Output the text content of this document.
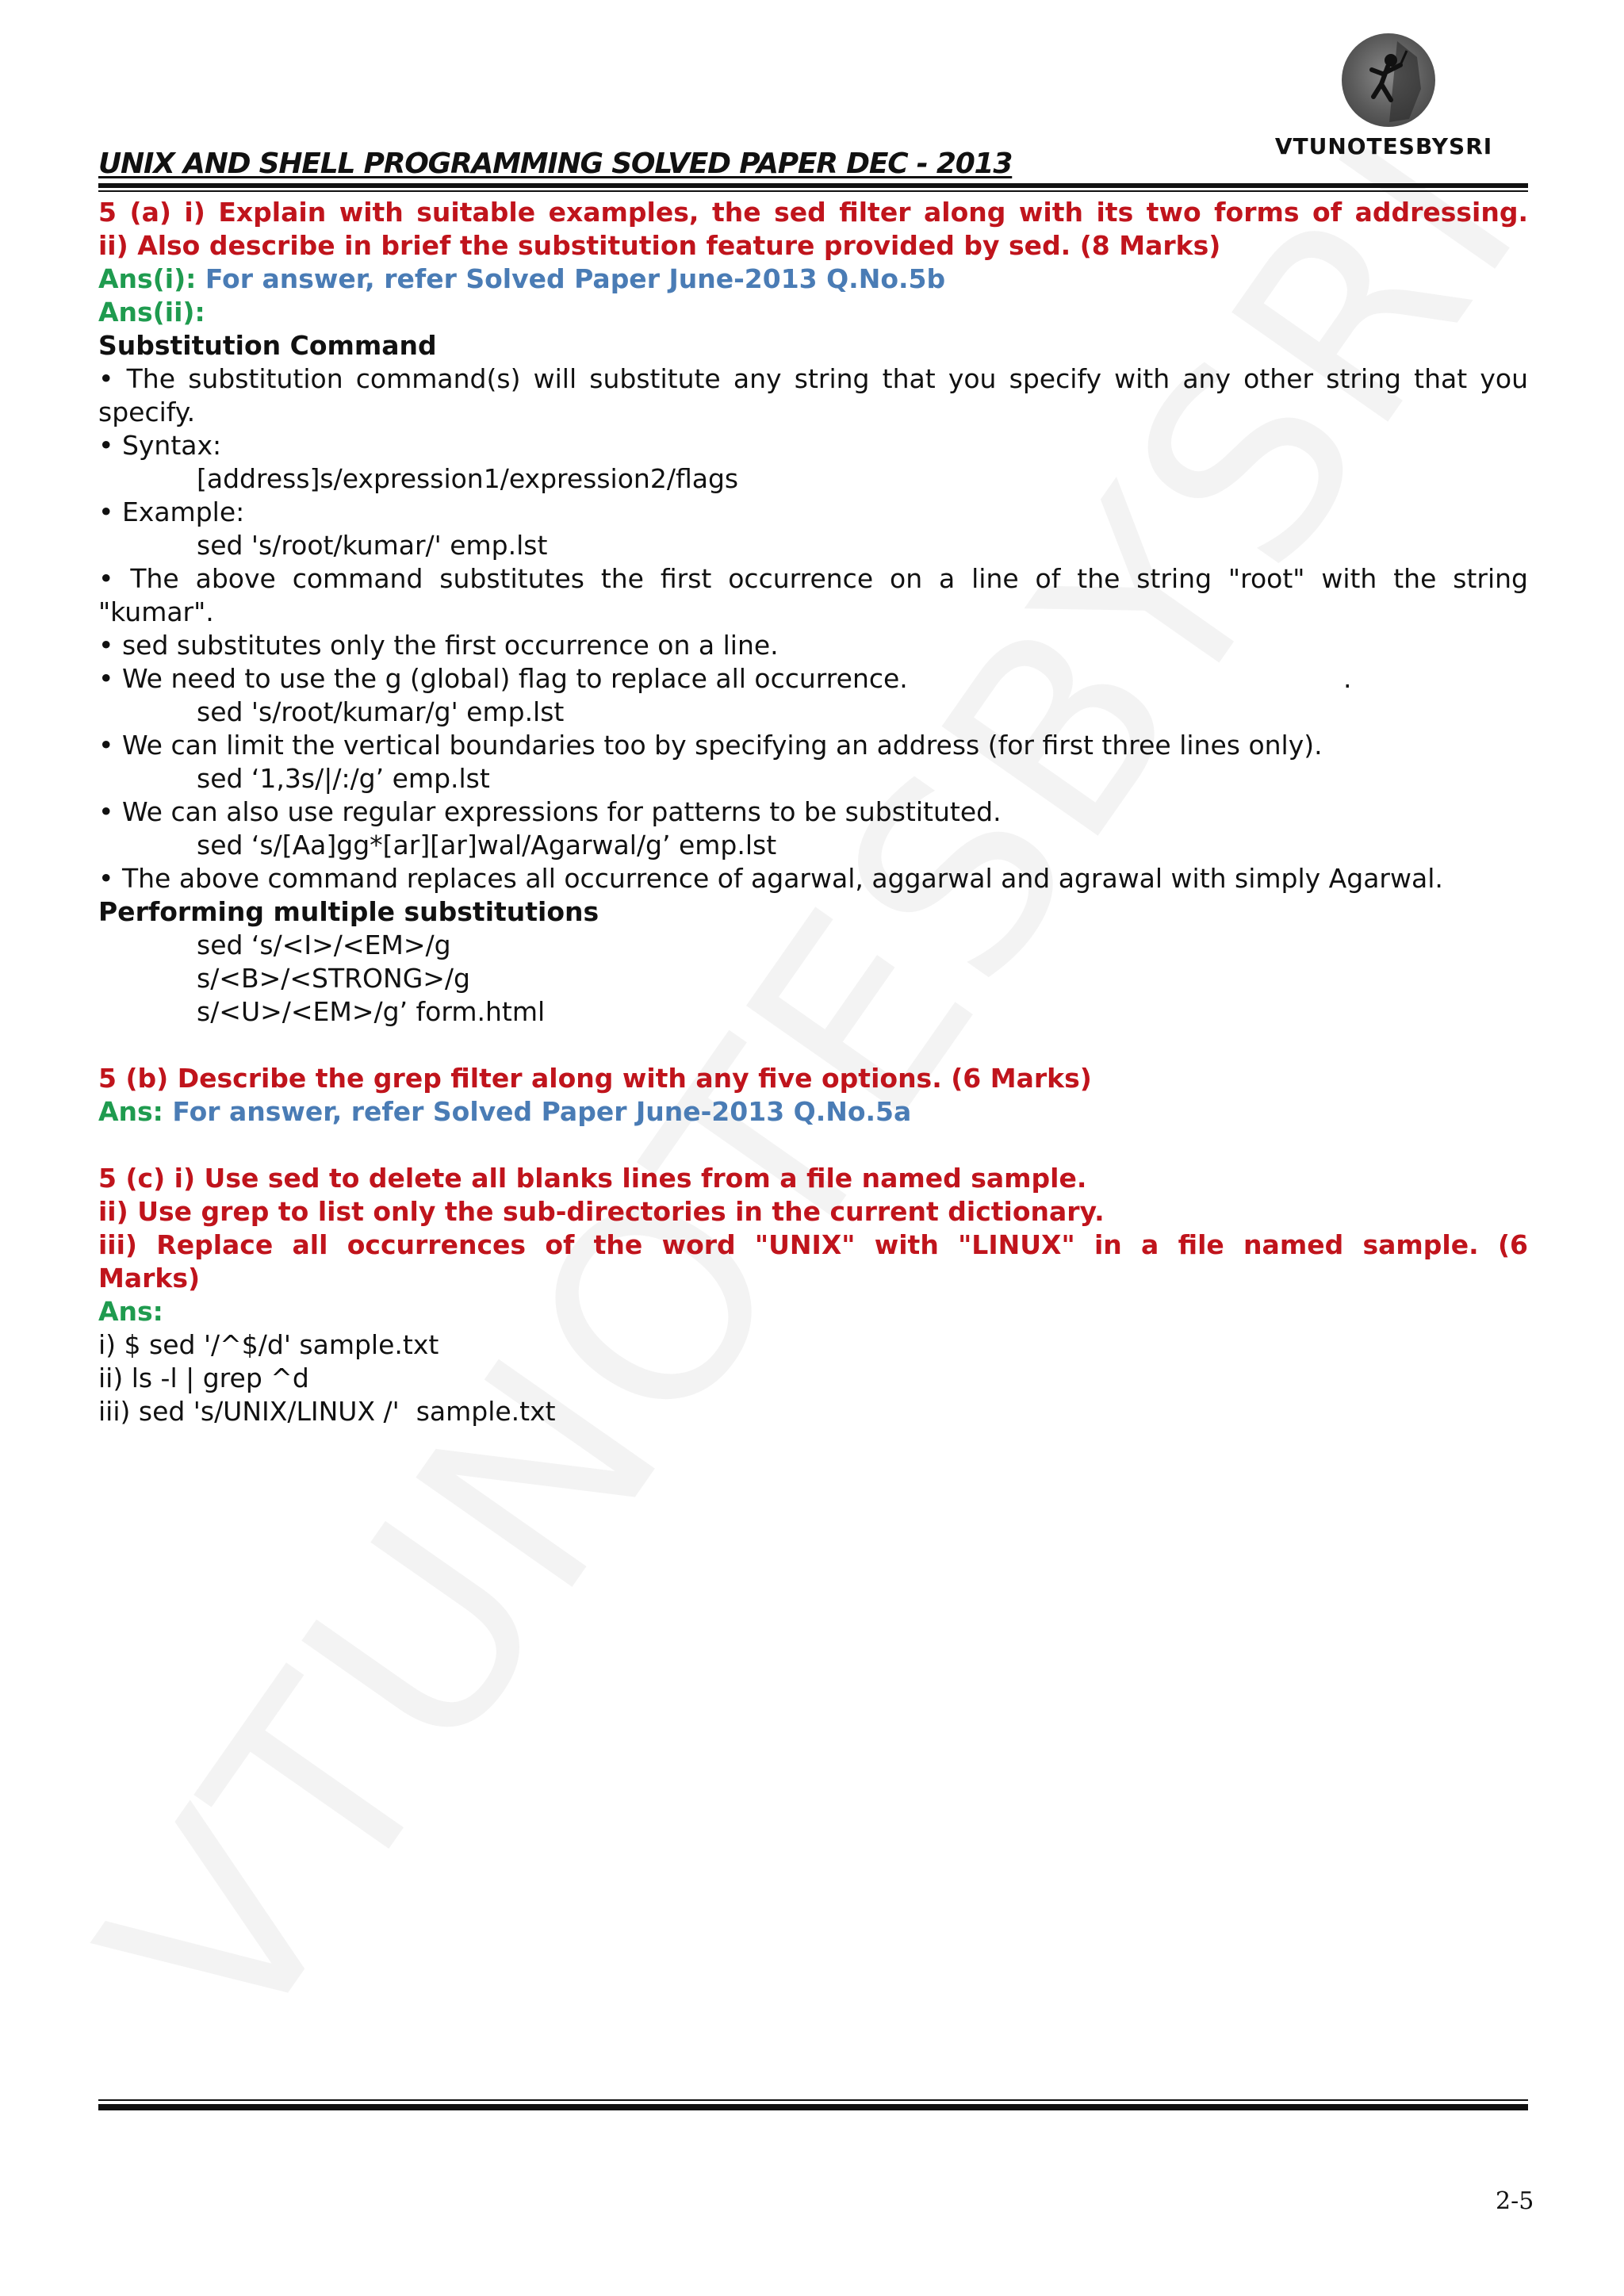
VTUNOTESBYSRI
UNIX AND SHELL PROGRAMMING SOLVED PAPER DEC - 2013
5 (a) i) Explain with suitable examples, the sed filter along with its two forms of addressing.
ii) Also describe in brief the substitution feature provided by sed. (8 Marks)
Ans(i): For answer, refer Solved Paper June-2013 Q.No.5b
Ans(ii):
Substitution Command
• The substitution command(s) will substitute any string that you specify with any other string that you
specify.
• Syntax:
[address]s/expression1/expression2/flags
• Example:
sed 's/root/kumar/' emp.lst
• The above command substitutes the first occurrence on a line of the string "root" with the string
"kumar".
• sed substitutes only the first occurrence on a line.
• We need to use the g (global) flag to replace all occurrence.	.
sed 's/root/kumar/g' emp.lst
• We can limit the vertical boundaries too by specifying an address (for first three lines only).
sed ‘1,3s/|/:/g’ emp.lst
• We can also use regular expressions for patterns to be substituted.
sed ‘s/[Aa]gg*[ar][ar]wal/Agarwal/g’ emp.lst
• The above command replaces all occurrence of agarwal, aggarwal and agrawal with simply Agarwal.
Performing multiple substitutions
sed ‘s/<I>/<EM>/g
s/<B>/<STRONG>/g
s/<U>/<EM>/g’ form.html
5 (b) Describe the grep filter along with any five options. (6 Marks)
Ans: For answer, refer Solved Paper June-2013 Q.No.5a
5 (c) i) Use sed to delete all blanks lines from a file named sample.
ii) Use grep to list only the sub-directories in the current dictionary.
iii) Replace all occurrences of the word "UNIX" with "LINUX" in a file named sample. (6
Marks)
Ans:
i) $ sed '/^$/d' sample.txt
ii) ls -l | grep ^d
iii) sed 's/UNIX/LINUX /'  sample.txt
2-5
